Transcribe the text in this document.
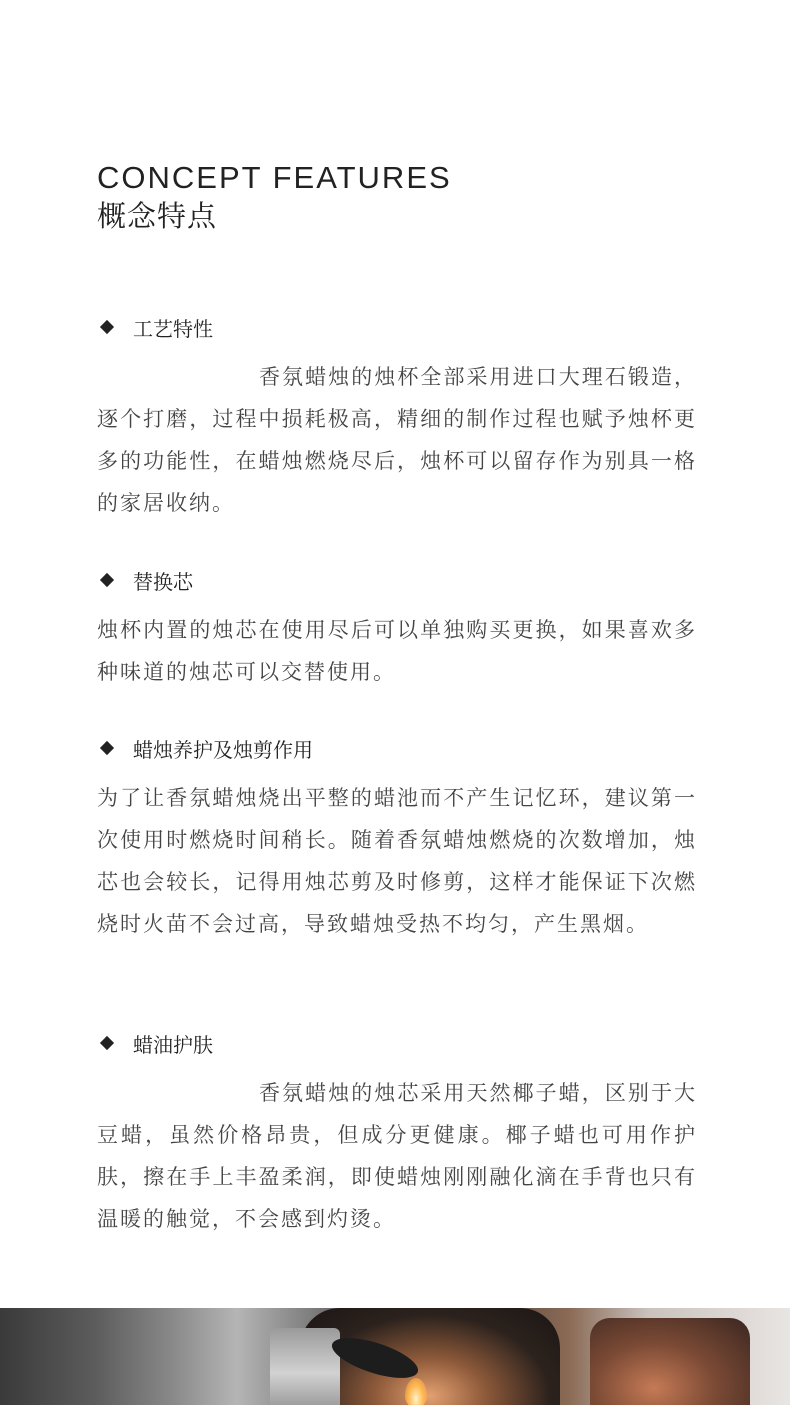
CONCEPT FEATURES
概念特点
工艺特性
香氛蜡烛的烛杯全部采用进口大理石锻造，逐个打磨，过程中损耗极高，精细的制作过程也赋予烛杯更多的功能性，在蜡烛燃烧尽后，烛杯可以留存作为别具一格的家居收纳。
替换芯
烛杯内置的烛芯在使用尽后可以单独购买更换，如果喜欢多种味道的烛芯可以交替使用。
蜡烛养护及烛剪作用
为了让香氛蜡烛烧出平整的蜡池而不产生记忆环，建议第一次使用时燃烧时间稍长。随着香氛蜡烛燃烧的次数增加，烛芯也会较长，记得用烛芯剪及时修剪，这样才能保证下次燃烧时火苗不会过高，导致蜡烛受热不均匀，产生黑烟。
蜡油护肤
香氛蜡烛的烛芯采用天然椰子蜡，区别于大豆蜡，虽然价格昂贵，但成分更健康。椰子蜡也可用作护肤，擦在手上丰盈柔润，即使蜡烛刚刚融化滴在手背也只有温暖的触觉，不会感到灼烫。
